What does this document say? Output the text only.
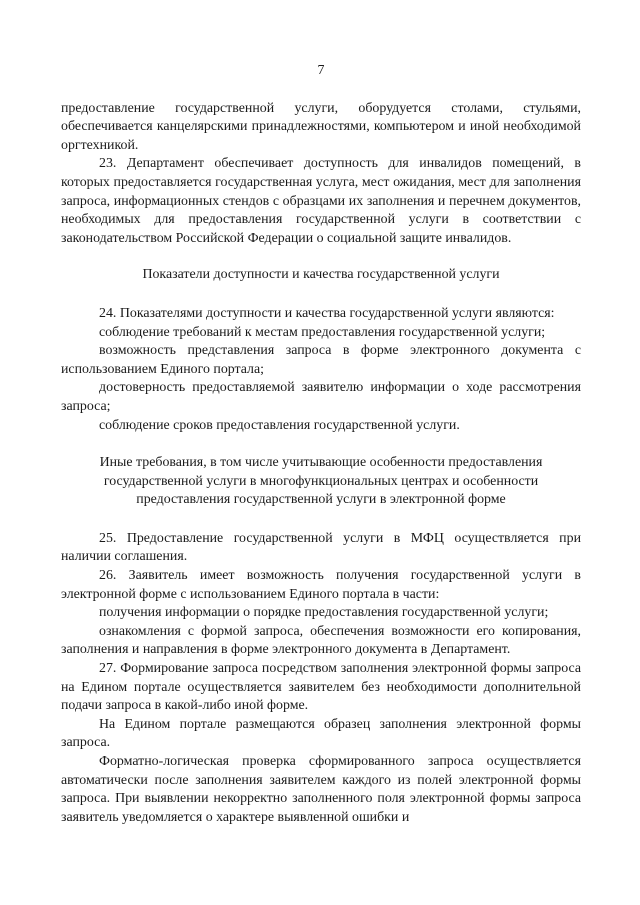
7

предоставление государственной услуги, оборудуется столами, стульями, обеспечивается канцелярскими принадлежностями, компьютером и иной необходимой оргтехникой.

23. Департамент обеспечивает доступность для инвалидов помещений, в которых предоставляется государственная услуга, мест ожидания, мест для заполнения запроса, информационных стендов с образцами их заполнения и перечнем документов, необходимых для предоставления государственной услуги в соответствии с законодательством Российской Федерации о социальной защите инвалидов.

Показатели доступности и качества государственной услуги

24. Показателями доступности и качества государственной услуги являются:

соблюдение требований к местам предоставления государственной услуги;

возможность представления запроса в форме электронного документа с использованием Единого портала;

достоверность предоставляемой заявителю информации о ходе рассмотрения запроса;

соблюдение сроков предоставления государственной услуги.

Иные требования, в том числе учитывающие особенности предоставления
государственной услуги в многофункциональных центрах и особенности
предоставления государственной услуги в электронной форме

25. Предоставление государственной услуги в МФЦ осуществляется при наличии соглашения.

26. Заявитель имеет возможность получения государственной услуги в электронной форме с использованием Единого портала в части:

получения информации о порядке предоставления государственной услуги;

ознакомления с формой запроса, обеспечения возможности его копирования, заполнения и направления в форме электронного документа в Департамент.

27. Формирование запроса посредством заполнения электронной формы запроса на Едином портале осуществляется заявителем без необходимости дополнительной подачи запроса в какой-либо иной форме.

На Едином портале размещаются образец заполнения электронной формы запроса.

Форматно-логическая проверка сформированного запроса осуществляется автоматически после заполнения заявителем каждого из полей электронной формы запроса. При выявлении некорректно заполненного поля электронной формы запроса заявитель уведомляется о характере выявленной ошибки и
